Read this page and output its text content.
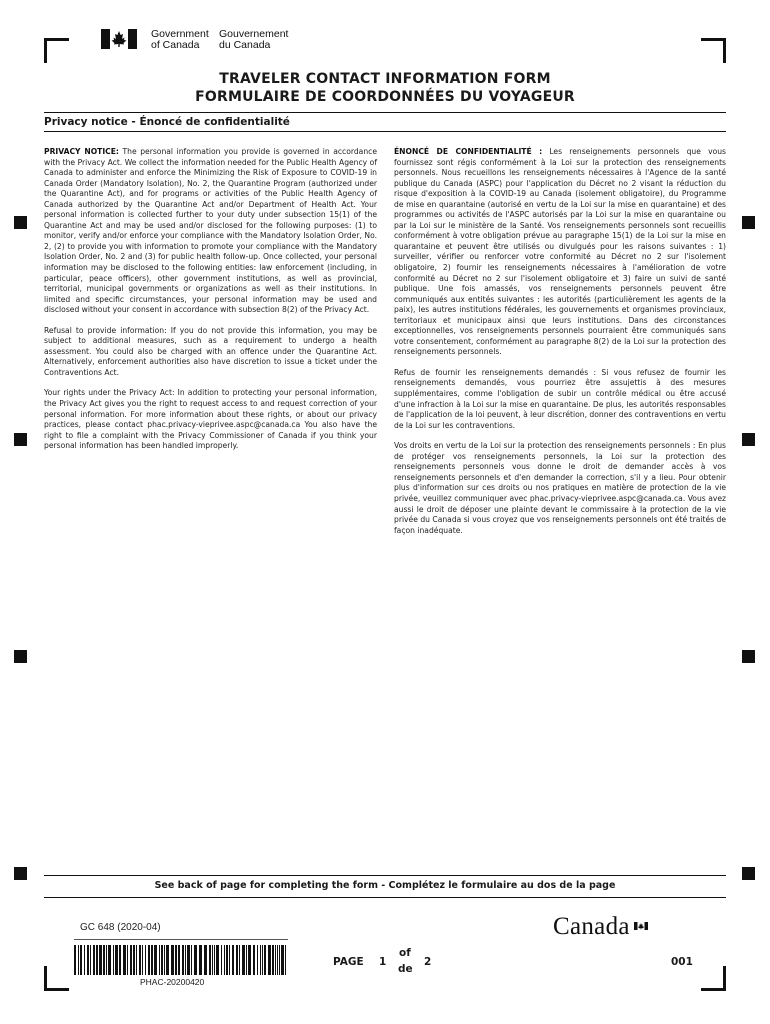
Government
of Canada
Gouvernement
du Canada
TRAVELER CONTACT INFORMATION FORM
FORMULAIRE DE COORDONNÉES DU VOYAGEUR
Privacy notice - Énoncé de confidentialité

PRIVACY NOTICE: The personal information you provide is governed in accordance with the Privacy Act. We collect the information needed for the Public Health Agency of Canada to administer and enforce the Minimizing the Risk of Exposure to COVID-19 in Canada Order (Mandatory Isolation), No. 2, the Quarantine Program (authorized under the Quarantine Act), and for programs or activities of the Public Health Agency of Canada authorized by the Quarantine Act and/or Department of Health Act. Your personal information is collected further to your duty under subsection 15(1) of the Quarantine Act and may be used and/or disclosed for the following purposes: (1) to monitor, verify and/or enforce your compliance with the Mandatory Isolation Order, No. 2, (2) to provide you with information to promote your compliance with the Mandatory Isolation Order, No. 2 and (3) for public health follow-up. Once collected, your personal information may be disclosed to the following entities: law enforcement (including, in particular, peace officers), other government institutions, as well as provincial, territorial, municipal governments or organizations as well as their institutions. In limited and specific circumstances, your personal information may be used and disclosed without your consent in accordance with subsection 8(2) of the Privacy Act.

Refusal to provide information: If you do not provide this information, you may be subject to additional measures, such as a requirement to undergo a health assessment. You could also be charged with an offence under the Quarantine Act. Alternatively, enforcement authorities also have discretion to issue a ticket under the Contraventions Act.

Your rights under the Privacy Act: In addition to protecting your personal information, the Privacy Act gives you the right to request access to and request correction of your personal information. For more information about these rights, or about our privacy practices, please contact phac.privacy-vieprivee.aspc@canada.ca You also have the right to file a complaint with the Privacy Commissioner of Canada if you think your personal information has been handled improperly.

ÉNONCÉ DE CONFIDENTIALITÉ : Les renseignements personnels que vous fournissez sont régis conformément à la Loi sur la protection des renseignements personnels. Nous recueillons les renseignements nécessaires à l'Agence de la santé publique du Canada (ASPC) pour l'application du Décret no 2 visant la réduction du risque d'exposition à la COVID-19 au Canada (isolement obligatoire), du Programme de mise en quarantaine (autorisé en vertu de la Loi sur la mise en quarantaine) et des programmes ou activités de l'ASPC autorisés par la Loi sur la mise en quarantaine ou par la Loi sur le ministère de la Santé. Vos renseignements personnels sont recueillis conformément à votre obligation prévue au paragraphe 15(1) de la Loi sur la mise en quarantaine et peuvent être utilisés ou divulgués pour les raisons suivantes : 1) surveiller, vérifier ou renforcer votre conformité au Décret no 2 sur l'isolement obligatoire, 2) fournir les renseignements nécessaires à l'amélioration de votre conformité au Décret no 2 sur l'isolement obligatoire et 3) faire un suivi de santé publique. Une fois amassés, vos renseignements personnels peuvent être communiqués aux entités suivantes : les autorités (particulièrement les agents de la paix), les autres institutions fédérales, les gouvernements et organismes provinciaux, territoriaux et municipaux ainsi que leurs institutions. Dans des circonstances exceptionnelles, vos renseignements personnels pourraient être communiqués sans votre consentement, conformément au paragraphe 8(2) de la Loi sur la protection des renseignements personnels.

Refus de fournir les renseignements demandés : Si vous refusez de fournir les renseignements demandés, vous pourriez être assujettis à des mesures supplémentaires, comme l'obligation de subir un contrôle médical ou être accusé d'une infraction à la Loi sur la mise en quarantaine. De plus, les autorités responsables de l'application de la loi peuvent, à leur discrétion, donner des contraventions en vertu de la Loi sur les contraventions.

Vos droits en vertu de la Loi sur la protection des renseignements personnels : En plus de protéger vos renseignements personnels, la Loi sur la protection des renseignements personnels vous donne le droit de demander accès à vos renseignements personnels et d'en demander la correction, s'il y a lieu. Pour obtenir plus d'information sur ces droits ou nos pratiques en matière de protection de la vie privée, veuillez communiquer avec phac.privacy-vieprivee.aspc@canada.ca. Vous avez aussi le droit de déposer une plainte devant le commissaire à la protection de la vie privée du Canada si vous croyez que vos renseignements personnels ont été traités de façon inadéquate.

See back of page for completing the form - Complétez le formulaire au dos de la page
GC 648 (2020-04)
PHAC-20200420
PAGE 1
of
de
2	001
Canada
